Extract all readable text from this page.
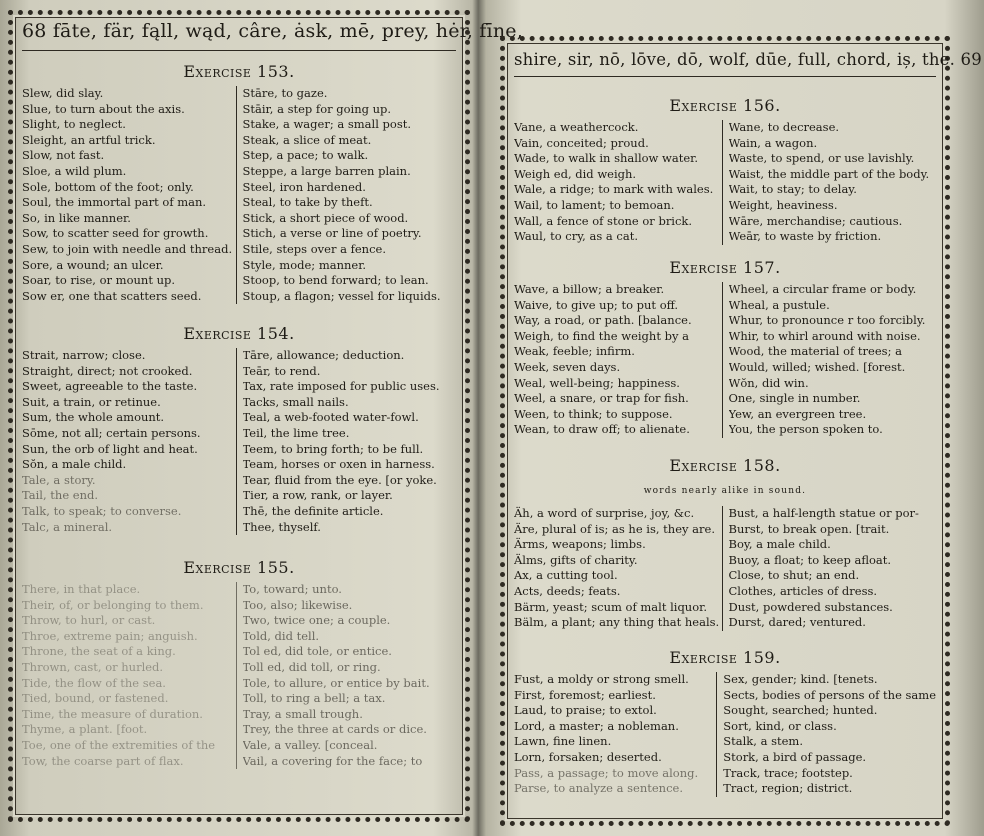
68 fāte, fär, fąll, wąd, câre, ȧsk, mē, prey, hėr, fīne,
Exercise 153.
Slew, did slay.
Slue, to turn about the axis.
Slight, to neglect.
Sleight, an artful trick.
Slow, not fast.
Sloe, a wild plum.
Sole, bottom of the foot; only.
Soul, the immortal part of man.
So, in like manner.
Sow, to scatter seed for growth.
Sew, to join with needle and thread.
Sore, a wound; an ulcer.
Soar, to rise, or mount up.
Sow er, one that scatters seed.
Stāre, to gaze.
Stāir, a step for going up.
Stake, a wager; a small post.
Steak, a slice of meat.
Step, a pace; to walk.
Steppe, a large barren plain.
Steel, iron hardened.
Steal, to take by theft.
Stick, a short piece of wood.
Stich, a verse or line of poetry.
Stile, steps over a fence.
Style, mode; manner.
Stoop, to bend forward; to lean.
Stoup, a flagon; vessel for liquids.
Exercise 154.
Strait, narrow; close.
Straight, direct; not crooked.
Sweet, agreeable to the taste.
Suit, a train, or retinue.
Sum, the whole amount.
Sōme, not all; certain persons.
Sun, the orb of light and heat.
Sŏn, a male child.
Tale, a story.
Tail, the end.
Talk, to speak; to converse.
Talc, a mineral.
Tāre, allowance; deduction.
Teār, to rend.
Tax, rate imposed for public uses.
Tacks, small nails.
Teal, a web-footed water-fowl.
Teil, the lime tree.
Teem, to bring forth; to be full.
Team, horses or oxen in harness.
Tear, fluid from the eye. [or yoke.
Tier, a row, rank, or layer.
Thē, the definite article.
Thee, thyself.
Exercise 155.
There, in that place.
Their, of, or belonging to them.
Throw, to hurl, or cast.
Throe, extreme pain; anguish.
Throne, the seat of a king.
Thrown, cast, or hurled.
Tide, the flow of the sea.
Tied, bound, or fastened.
Time, the measure of duration.
Thyme, a plant. [foot.
Toe, one of the extremities of the
Tow, the coarse part of flax.
To, toward; unto.
Too, also; likewise.
Two, twice one; a couple.
Told, did tell.
Tol ed, did tole, or entice.
Toll ed, did toll, or ring.
Tole, to allure, or entice by bait.
Toll, to ring a bell; a tax.
Tray, a small trough.
Trey, the three at cards or dice.
Vale, a valley. [conceal.
Vail, a covering for the face; to
shire, sir, nō, lōve, dō, wolf, dūe, full, chord, iș, the. 69
Exercise 156.
Vane, a weathercock.
Vain, conceited; proud.
Wade, to walk in shallow water.
Weigh ed, did weigh.
Wale, a ridge; to mark with wales.
Wail, to lament; to bemoan.
Wall, a fence of stone or brick.
Waul, to cry, as a cat.
Wane, to decrease.
Wain, a wagon.
Waste, to spend, or use lavishly.
Waist, the middle part of the body.
Wait, to stay; to delay.
Weight, heaviness.
Wāre, merchandise; cautious.
Weār, to waste by friction.
Exercise 157.
Wave, a billow; a breaker.
Waive, to give up; to put off.
Way, a road, or path. [balance.
Weigh, to find the weight by a
Weak, feeble; infirm.
Week, seven days.
Weal, well-being; happiness.
Weel, a snare, or trap for fish.
Ween, to think; to suppose.
Wean, to draw off; to alienate.
Wheel, a circular frame or body.
Wheal, a pustule.
Whur, to pronounce r too forcibly.
Whir, to whirl around with noise.
Wood, the material of trees; a
Would, willed; wished. [forest.
Wŏn, did win.
One, single in number.
Yew, an evergreen tree.
You, the person spoken to.
Exercise 158.
words nearly alike in sound.
Äh, a word of surprise, joy, &c.
Äre, plural of is; as he is, they are.
Ärms, weapons; limbs.
Älms, gifts of charity.
Ax, a cutting tool.
Acts, deeds; feats.
Bärm, yeast; scum of malt liquor.
Bälm, a plant; any thing that heals.
Bust, a half-length statue or por-
Burst, to break open. [trait.
Boy, a male child.
Buoy, a float; to keep afloat.
Close, to shut; an end.
Clothes, articles of dress.
Dust, powdered substances.
Durst, dared; ventured.
Exercise 159.
Fust, a moldy or strong smell.
First, foremost; earliest.
Laud, to praise; to extol.
Lord, a master; a nobleman.
Lawn, fine linen.
Lorn, forsaken; deserted.
Pass, a passage; to move along.
Parse, to analyze a sentence.
Sex, gender; kind. [tenets.
Sects, bodies of persons of the same
Sought, searched; hunted.
Sort, kind, or class.
Stalk, a stem.
Stork, a bird of passage.
Track, trace; footstep.
Tract, region; district.
